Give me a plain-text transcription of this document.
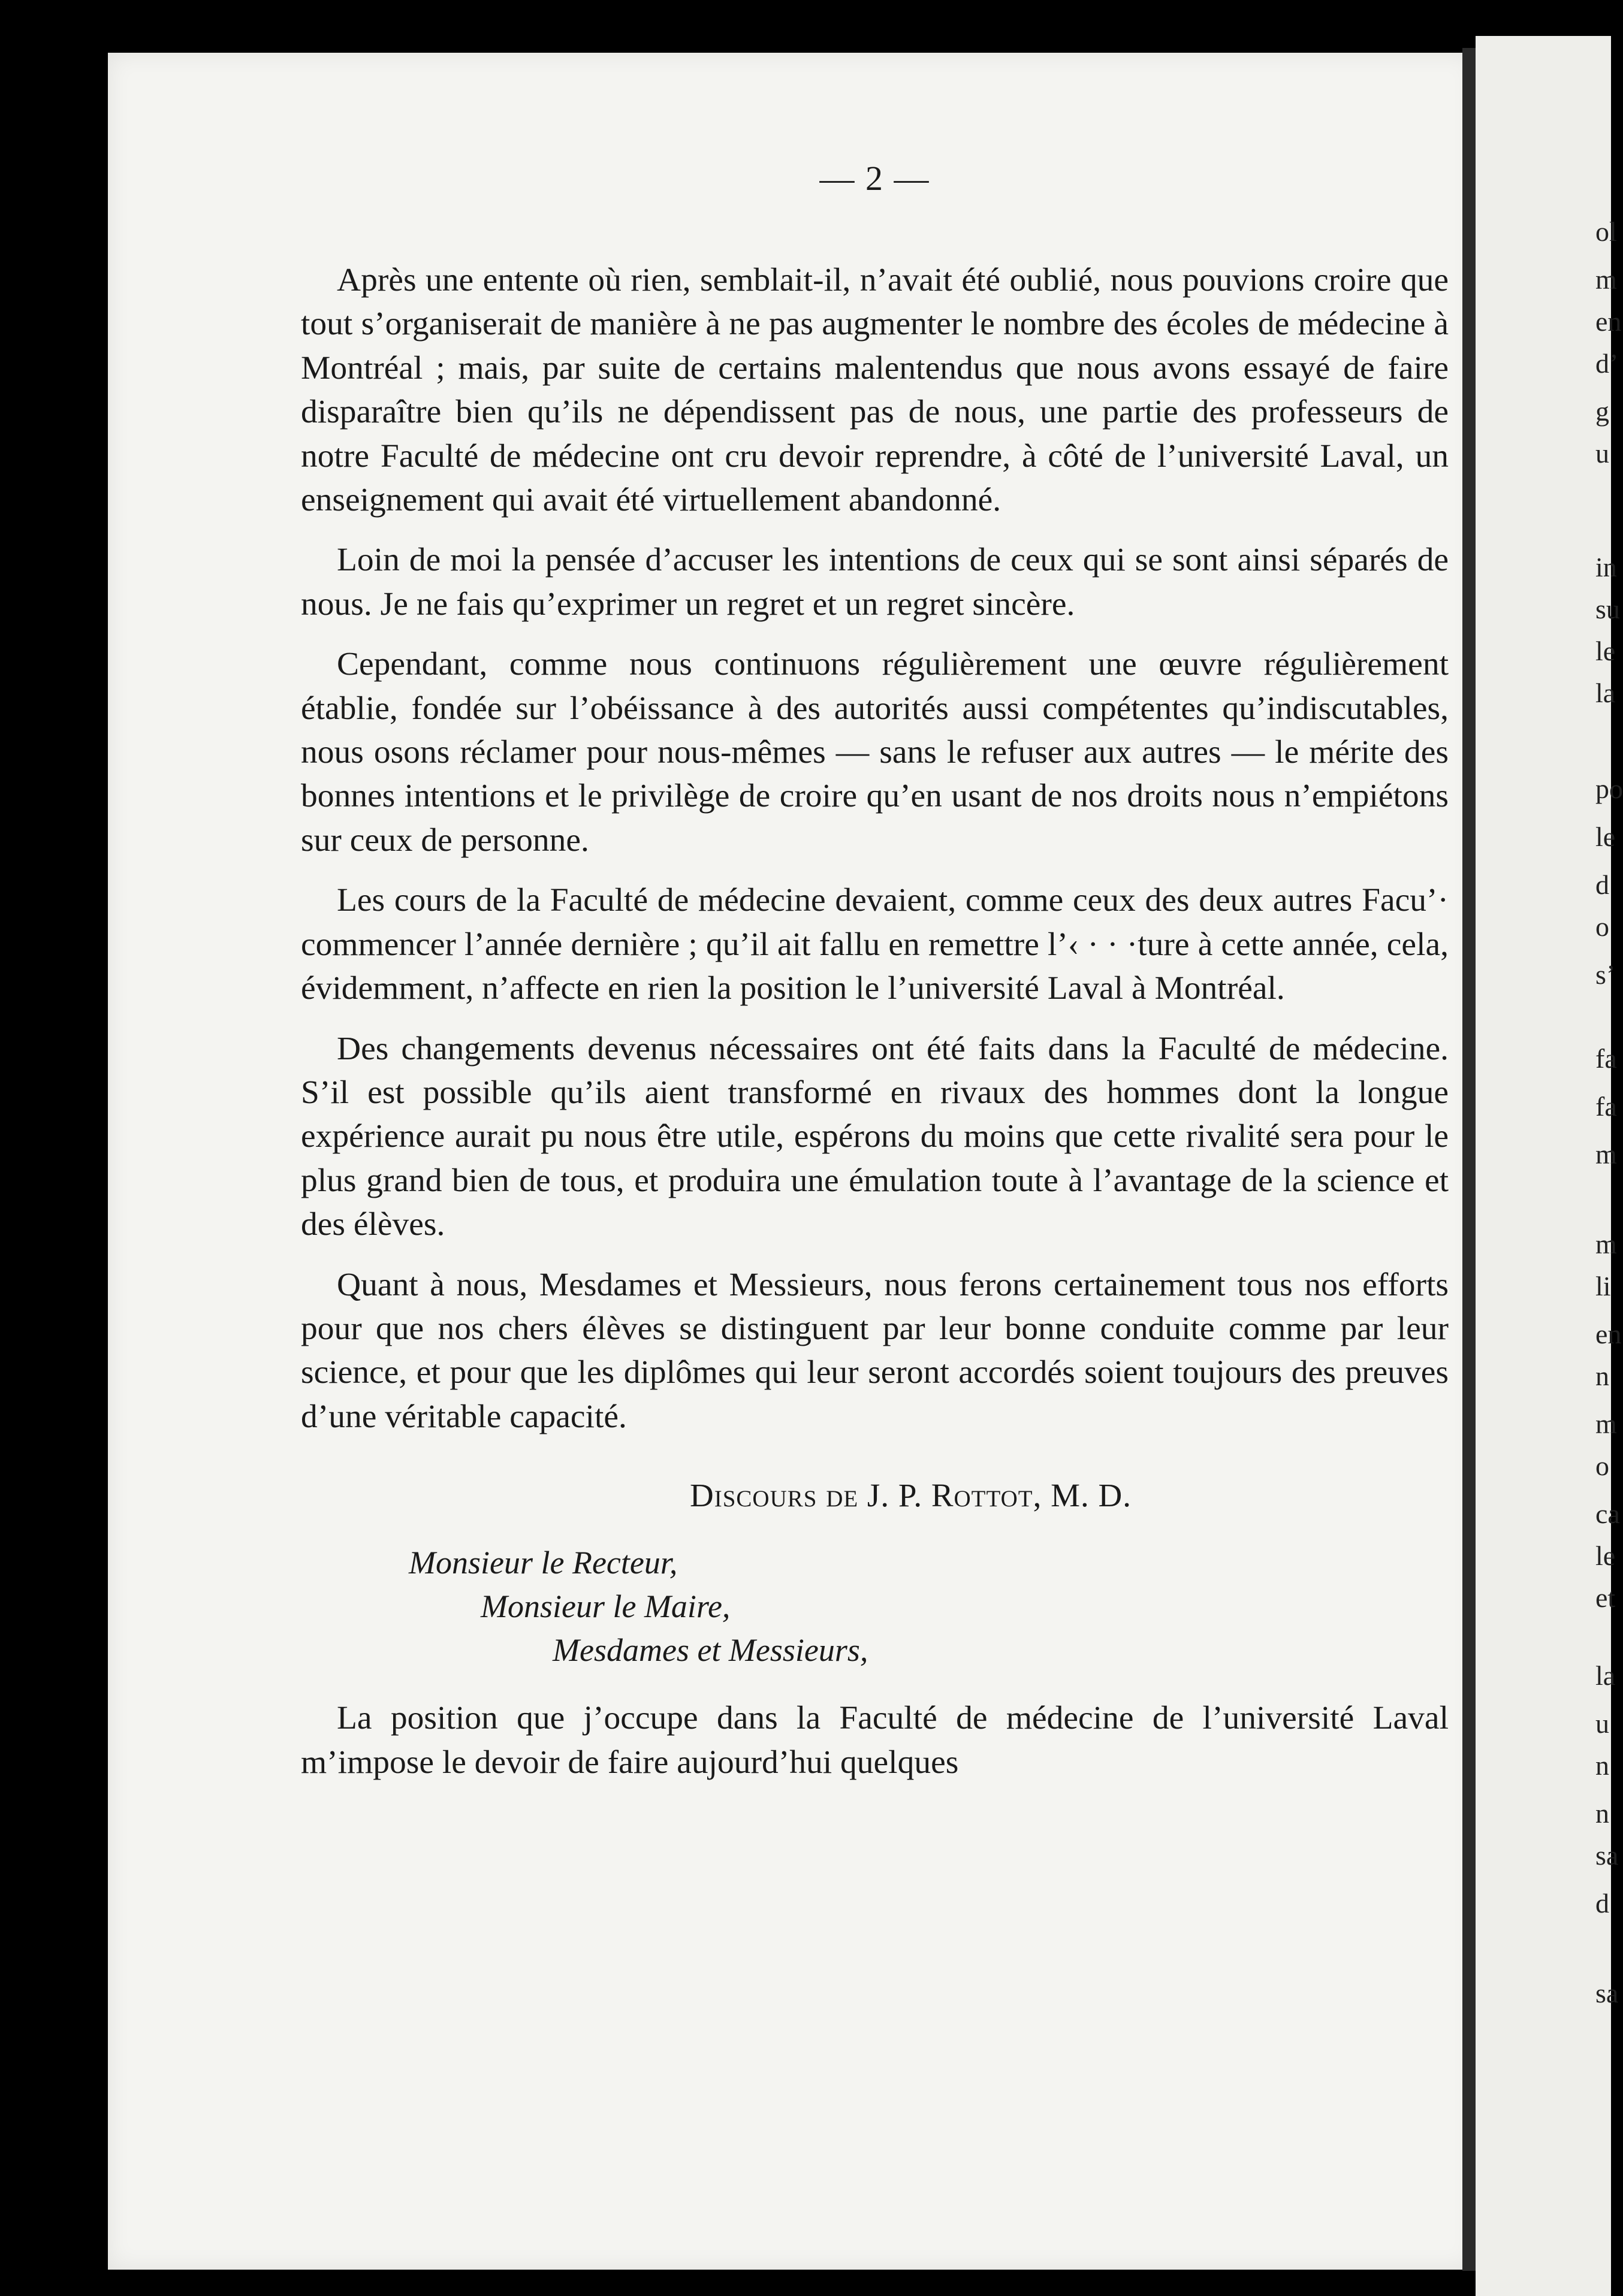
ol
m
en
d’
g
u
in
su
le
la
po
le
d
o
s’
fa
fa
m
m
li
en
n
m
o
ca
le
et
la
u
n
n
sa
d
sa
— 2 —

Après une entente où rien, semblait-il, n’avait été oublié, nous pouvions croire que tout s’organiserait de manière à ne pas augmenter le nombre des écoles de médecine à Montréal ; mais, par suite de certains malentendus que nous avons essayé de faire disparaître bien qu’ils ne dépendissent pas de nous, une partie des professeurs de notre Faculté de médecine ont cru devoir reprendre, à côté de l’université Laval, un enseignement qui avait été virtuellement abandonné.

Loin de moi la pensée d’accuser les intentions de ceux qui se sont ainsi séparés de nous. Je ne fais qu’exprimer un regret et un regret sincère.

Cependant, comme nous continuons régulièrement une œuvre régulièrement établie, fondée sur l’obéissance à des autorités aussi compétentes qu’indiscutables, nous osons réclamer pour nous-mêmes — sans le refuser aux autres — le mérite des bonnes intentions et le privilège de croire qu’en usant de nos droits nous n’empiétons sur ceux de personne.

Les cours de la Faculté de médecine devaient, comme ceux des deux autres Facu’· commencer l’année dernière ; qu’il ait fallu en remettre l’‹ · · ·ture à cette année, cela, évidemment, n’affecte en rien la position le l’université Laval à Montréal.

Des changements devenus nécessaires ont été faits dans la Faculté de médecine. S’il est possible qu’ils aient transformé en rivaux des hommes dont la longue expérience aurait pu nous être utile, espérons du moins que cette rivalité sera pour le plus grand bien de tous, et produira une émulation toute à l’avantage de la science et des élèves.

Quant à nous, Mesdames et Messieurs, nous ferons certainement tous nos efforts pour que nos chers élèves se distinguent par leur bonne conduite comme par leur science, et pour que les diplômes qui leur seront accordés soient toujours des preuves d’une véritable capacité.

Discours de J. P. Rottot, M. D.
Monsieur le Recteur,
Monsieur le Maire,
Mesdames et Messieurs,

La position que j’occupe dans la Faculté de médecine de l’université Laval m’impose le devoir de faire aujourd’hui quelques
